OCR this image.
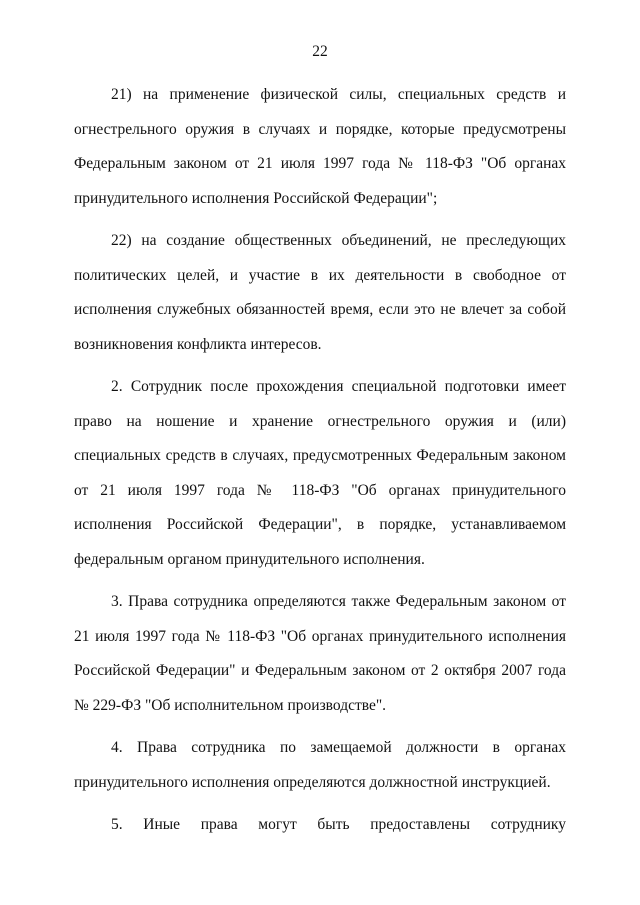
22

21) на применение физической силы, специальных средств и огнестрельного оружия в случаях и порядке, которые предусмотрены Федеральным законом от 21 июля 1997 года № 118-ФЗ "Об органах принудительного исполнения Российской Федерации";

22) на создание общественных объединений, не преследующих политических целей, и участие в их деятельности в свободное от исполнения служебных обязанностей время, если это не влечет за собой возникновения конфликта интересов.

2. Сотрудник после прохождения специальной подготовки имеет право на ношение и хранение огнестрельного оружия и (или) специальных средств в случаях, предусмотренных Федеральным законом от 21 июля 1997 года № 118-ФЗ "Об органах принудительного исполнения Российской Федерации", в порядке, устанавливаемом федеральным органом принудительного исполнения.

3. Права сотрудника определяются также Федеральным законом от 21 июля 1997 года № 118-ФЗ "Об органах принудительного исполнения Российской Федерации" и Федеральным законом от 2 октября 2007 года № 229-ФЗ "Об исполнительном производстве".

4. Права сотрудника по замещаемой должности в органах принудительного исполнения определяются должностной инструкцией.

5. Иные права могут быть предоставлены сотруднику
